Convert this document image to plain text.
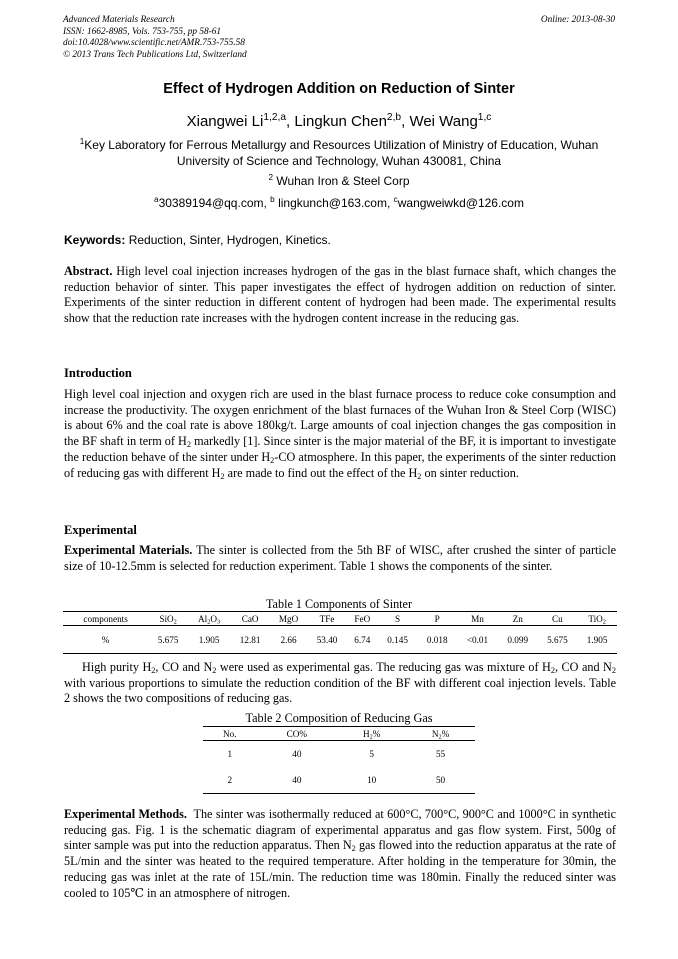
Advanced Materials Research
ISSN: 1662-8985, Vols. 753-755, pp 58-61
doi:10.4028/www.scientific.net/AMR.753-755.58
© 2013 Trans Tech Publications Ltd, Switzerland
Online: 2013-08-30
Effect of Hydrogen Addition on Reduction of Sinter
Xiangwei Li$^{1,2,a}$, Lingkun Chen$^{2,b}$, Wei Wang$^{1,c}$
$^1$Key Laboratory for Ferrous Metallurgy and Resources Utilization of Ministry of Education, Wuhan
University of Science and Technology, Wuhan 430081, China
$^2$ Wuhan Iron & Steel Corp
$^a$30389194@qq.com, $^b$ lingkunch@163.com, $^c$wangweiwkd@126.com
Keywords: Reduction, Sinter, Hydrogen, Kinetics.
Abstract. High level coal injection increases hydrogen of the gas in the blast furnace shaft, which changes the reduction behavior of sinter. This paper investigates the effect of hydrogen addition on reduction of sinter. Experiments of the sinter reduction in different content of hydrogen had been made. The experimental results show that the reduction rate increases with the hydrogen content increase in the reducing gas.
Introduction
High level coal injection and oxygen rich are used in the blast furnace process to reduce coke consumption and increase the productivity. The oxygen enrichment of the blast furnaces of the Wuhan Iron & Steel Corp (WISC) is about 6% and the coal rate is above 180kg/t. Large amounts of coal injection changes the gas composition in the BF shaft in term of $H_2$ markedly [1]. Since sinter is the major material of the BF, it is important to investigate the reduction behave of the sinter under $H_2-CO$ atmosphere. In this paper, the experiments of the sinter reduction of reducing gas with different $H_2$ are made to find out the effect of the $H_2$ on sinter reduction.
Experimental
Experimental Materials. The sinter is collected from the 5th BF of WISC, after crushed the sinter of particle size of 10-12.5mm is selected for reduction experiment. Table 1 shows the components of the sinter.
Table 1 Components of Sinter
components	SiO$_2$	$Al_2O_3$	CaO	MgO	TFe	FeO	S	P	Mn	Zn	Cu	TiO$_2$
%	5.675	1.905	12.81	2.66	53.40	6.74	0.145	0.018	<0.01	0.099	5.675	1.905
High purity $H_2$, CO and $N_2$ were used as experimental gas. The reducing gas was mixture of $H_2$, CO and $N_2$ with various proportions to simulate the reduction condition of the BF with different coal injection levels. Table 2 shows the two compositions of reducing gas.
Table 2 Composition of Reducing Gas
No.	CO%	$H_2\%$	$N_2\%$
1	40	5	55
2	40	10	50
Experimental Methods. The sinter was isothermally reduced at 600°C, 700°C, 900°C and 1000°C in synthetic reducing gas. Fig. 1 is the schematic diagram of experimental apparatus and gas flow system. First, 500g of sinter sample was put into the reduction apparatus. Then $N_2$ gas flowed into the reduction apparatus at the rate of 5L/min and the sinter was heated to the required temperature. After holding in the temperature for 30min, the reducing gas was inlet at the rate of 15L/min. The reduction time was 180min. Finally the reduced sinter was cooled to 105℃ in an atmosphere of nitrogen.
